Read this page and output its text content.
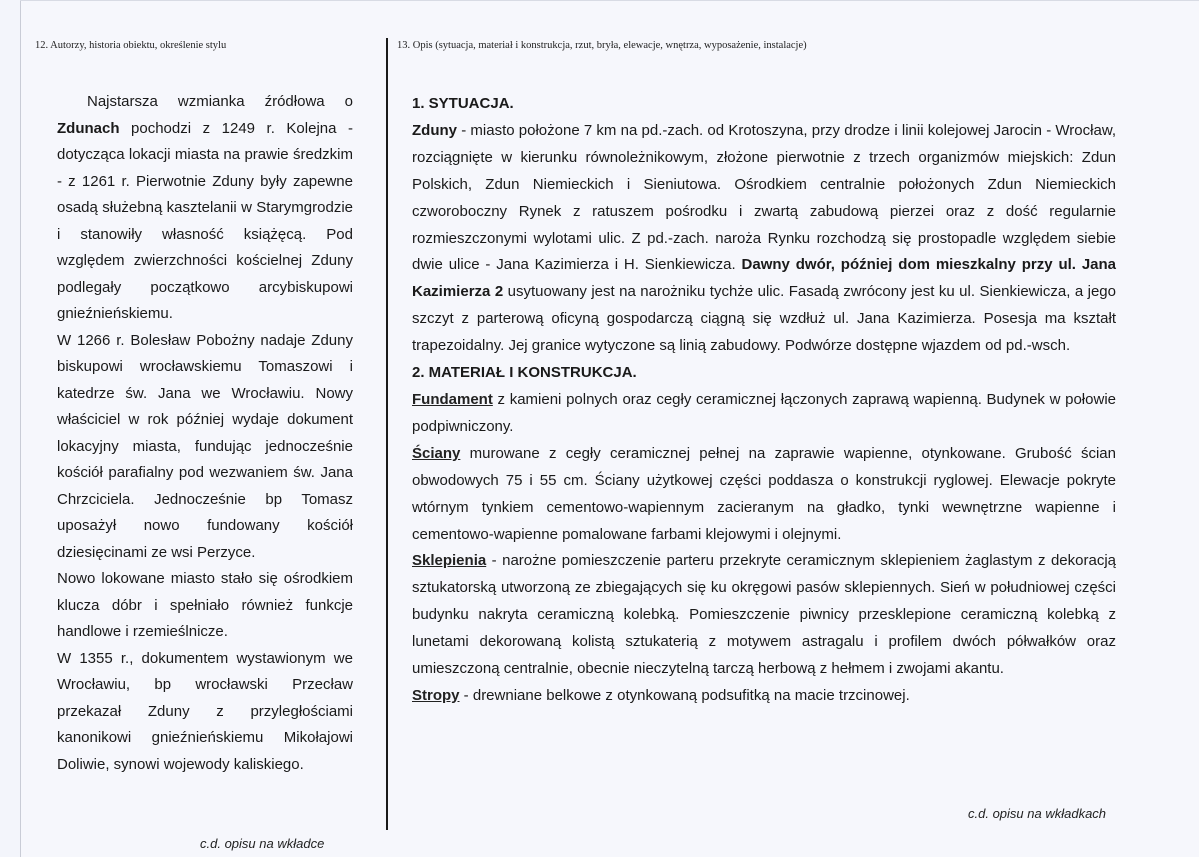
12. Autorzy, historia obiektu, określenie stylu	13. Opis (sytuacja, materiał i konstrukcja, rzut, bryła, elewacje, wnętrza, wyposażenie, instalacje)

Najstarsza wzmianka źródłowa o Zdunach pochodzi z 1249 r. Kolejna - dotycząca lokacji miasta na prawie średzkim - z 1261 r. Pierwotnie Zduny były zapewne osadą służebną kasztelanii w Starymgrodzie i stanowiły własność książęcą. Pod względem zwierzchności kościelnej Zduny podlegały początkowo arcybiskupowi gnieźnieńskiemu.

W 1266 r. Bolesław Pobożny nadaje Zduny biskupowi wrocławskiemu Tomaszowi i katedrze św. Jana we Wrocławiu. Nowy właściciel w rok później wydaje dokument lokacyjny miasta, fundując jednocześnie kościół parafialny pod wezwaniem św. Jana Chrzciciela. Jednocześnie bp Tomasz uposażył nowo fundowany kościół dziesięcinami ze wsi Perzyce.

Nowo lokowane miasto stało się ośrodkiem klucza dóbr i spełniało również funkcje handlowe i rzemieślnicze.

W 1355 r., dokumentem wystawionym we Wrocławiu, bp wrocławski Przecław przekazał Zduny z przyległościami kanonikowi gnieźnieńskiemu Mikołajowi Doliwie, synowi wojewody kaliskiego.

c.d. opisu na wkładce

1. SYTUACJA.

Zduny - miasto położone 7 km na pd.-zach. od Krotoszyna, przy drodze i linii kolejowej Jarocin - Wrocław, rozciągnięte w kierunku równoleżnikowym, złożone pierwotnie z trzech organizmów miejskich: Zdun Polskich, Zdun Niemieckich i Sieniutowa. Ośrodkiem centralnie położonych Zdun Niemieckich czworoboczny Rynek z ratuszem pośrodku i zwartą zabudową pierzei oraz z dość regularnie rozmieszczonymi wylotami ulic. Z pd.-zach. naroża Rynku rozchodzą się prostopadle względem siebie dwie ulice - Jana Kazimierza i H. Sienkiewicza. Dawny dwór, później dom mieszkalny przy ul. Jana Kazimierza 2 usytuowany jest na narożniku tychże ulic. Fasadą zwrócony jest ku ul. Sienkiewicza, a jego szczyt z parterową oficyną gospodarczą ciągną się wzdłuż ul. Jana Kazimierza. Posesja ma kształt trapezoidalny. Jej granice wytyczone są linią zabudowy. Podwórze dostępne wjazdem od pd.-wsch.

2. MATERIAŁ I KONSTRUKCJA.

Fundament z kamieni polnych oraz cegły ceramicznej łączonych zaprawą wapienną. Budynek w połowie podpiwniczony.

Ściany murowane z cegły ceramicznej pełnej na zaprawie wapienne, otynkowane. Grubość ścian obwodowych 75 i 55 cm. Ściany użytkowej części poddasza o konstrukcji ryglowej. Elewacje pokryte wtórnym tynkiem cementowo-wapiennym zacieranym na gładko, tynki wewnętrzne wapienne i cementowo-wapienne pomalowane farbami klejowymi i olejnymi.

Sklepienia - narożne pomieszczenie parteru przekryte ceramicznym sklepieniem żaglastym z dekoracją sztukatorską utworzoną ze zbiegających się ku okręgowi pasów sklepiennych. Sień w południowej części budynku nakryta ceramiczną kolebką. Pomieszczenie piwnicy przesklepione ceramiczną kolebką z lunetami dekorowaną kolistą sztukaterią z motywem astragalu i profilem dwóch półwałków oraz umieszczoną centralnie, obecnie nieczytelną tarczą herbową z hełmem i zwojami akantu.

Stropy - drewniane belkowe z otynkowaną podsufitką na macie trzcinowej.

c.d. opisu na wkładkach
